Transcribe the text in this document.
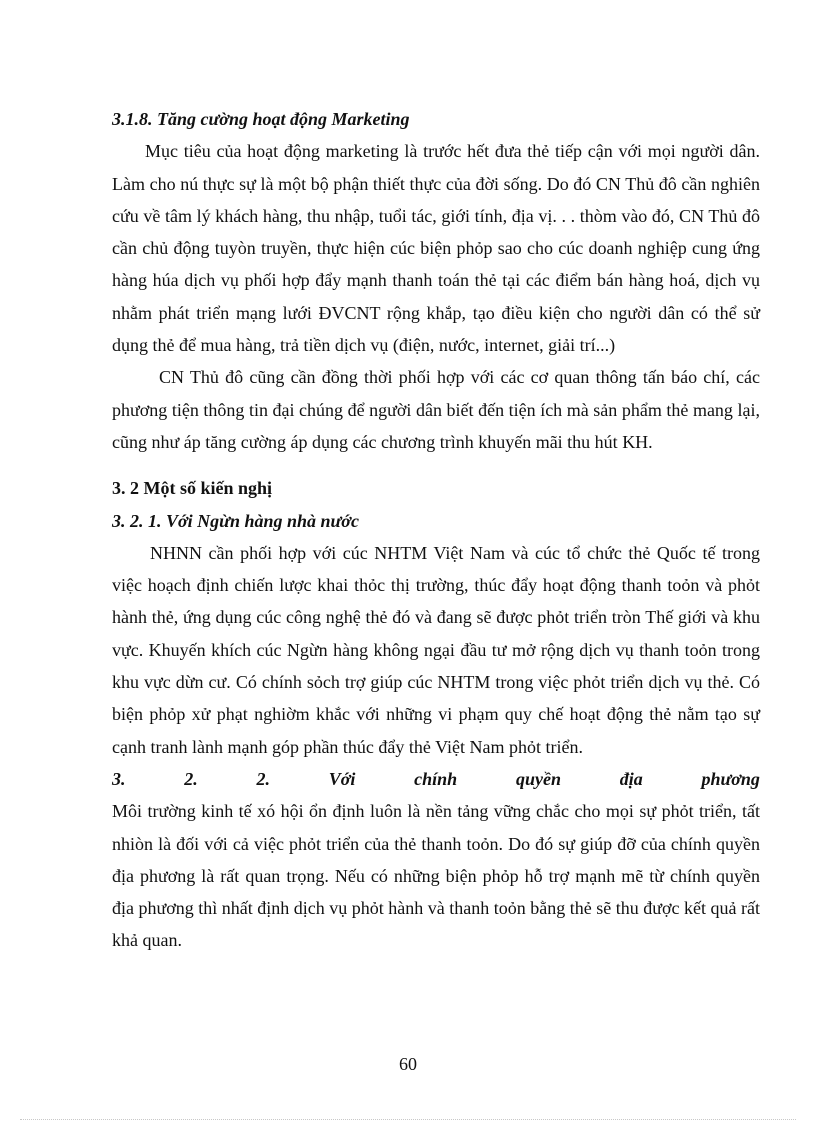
3.1.8. Tăng cường hoạt động Marketing

Mục tiêu của hoạt động marketing là trước hết đưa thẻ tiếp cận với mọi người dân. Làm cho nú thực sự là một bộ phận thiết thực của đời sống. Do đó CN Thủ đô cần nghiên cứu về tâm lý khách hàng, thu nhập, tuổi tác, giới tính, địa vị. . . thòm vào đó, CN Thủ đô cần chủ động tuyòn truyền, thực hiện cúc biện phỏp sao cho cúc doanh nghiệp cung ứng hàng húa dịch vụ phối hợp đẩy mạnh thanh toán thẻ tại các điểm bán hàng hoá, dịch vụ nhằm phát triển mạng lưới ĐVCNT rộng khắp, tạo điều kiện cho người dân có thể sử dụng thẻ để mua hàng, trả tiền dịch vụ (điện, nước, internet, giải trí...)

CN Thủ đô cũng cần đồng thời phối hợp với các cơ quan thông tấn báo chí, các phương tiện thông tin đại chúng để người dân biết đến tiện ích mà sản phẩm thẻ mang lại, cũng như áp tăng cường áp dụng các chương trình khuyến mãi thu hút KH.

3. 2 Một số kiến nghị

3. 2. 1. Với Ngừn hàng nhà nước

NHNN cần phối hợp với cúc NHTM Việt Nam và cúc tổ chức thẻ Quốc tế trong việc hoạch định chiến lược khai thỏc thị trường, thúc đẩy hoạt động thanh toỏn và phỏt hành thẻ, ứng dụng cúc công nghệ thẻ đó và đang sẽ được phỏt triển tròn Thế giới và khu vực. Khuyến khích cúc Ngừn hàng không ngại đầu tư mở rộng dịch vụ thanh toỏn trong khu vực dừn cư. Có chính sỏch trợ giúp cúc NHTM trong việc phỏt triển dịch vụ thẻ. Có biện phỏp xử phạt nghiờm khắc với những vi phạm quy chế hoạt động thẻ nằm tạo sự cạnh tranh lành mạnh góp phần thúc đẩy thẻ Việt Nam phỏt triển.

3.	2.	2.	Với	chính	quyền	địa	phương

Môi trường kinh tế xó hội ổn định luôn là nền tảng vững chắc cho mọi sự phỏt triển, tất nhiòn là đối với cả việc phỏt triển của thẻ thanh toỏn. Do đó sự giúp đỡ của chính quyền địa phương là rất quan trọng. Nếu có những biện phỏp hỗ trợ mạnh mẽ từ chính quyền địa phương thì nhất định dịch vụ phỏt hành và thanh toỏn bằng thẻ sẽ thu được kết quả rất khả quan.

60
